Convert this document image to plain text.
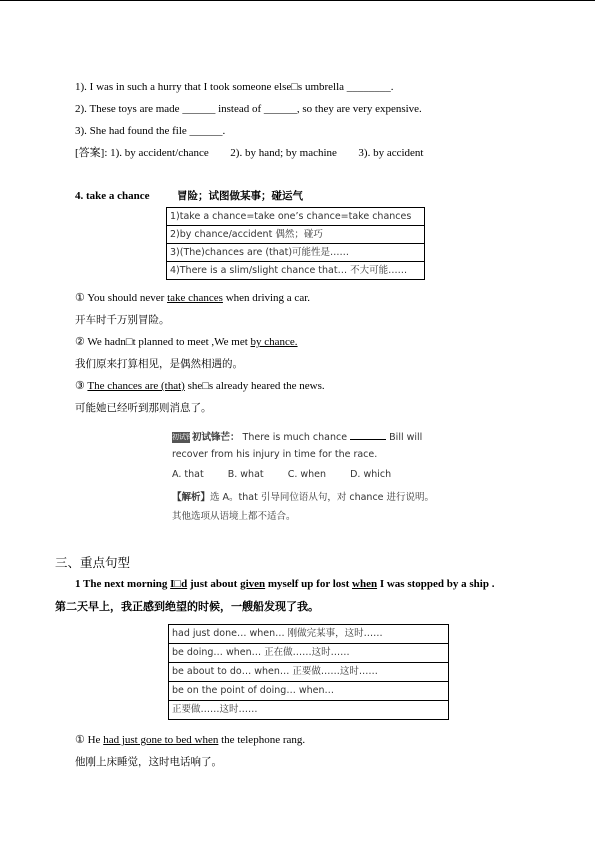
1). I was in such a hurry that I took someone else□s umbrella ________.
2). These toys are made ______ instead of ______, so they are very expensive.
3). She had found the file ______.
[答案]: 1). by accident/chance 2). by hand; by machine 3). by accident
4. take a chance	冒险；试图做某事；碰运气
1)take a chance=take one’s chance=take chances
2)by chance/accident 偶然；碰巧
3)(The)chances are (that)可能性是……
4)There is a slim/slight chance that… 不大可能……
① You should never take chances when driving a car.
开车时千万别冒险。
② We hadn□t planned to meet ,We met by chance.
我们原来打算相见，是偶然相遇的。
③ The chances are (that) she□s already heared the news.
可能她已经听到那则消息了。
初试锋芒初试锋芒： There is much chance	Bill will
recover from his injury in time for the race.
A. that	B. what	C. when	D. which
【解析】选 A。that 引导同位语从句，对 chance 进行说明。
其他选项从语境上都不适合。
三、重点句型
1 The next morning I□d just about given myself up for lost when I was stopped by a ship .
第二天早上，我正感到绝望的时候，一艘船发现了我。
had just done… when… 刚做完某事，这时……
be doing… when… 正在做……这时……
be about to do… when… 正要做……这时……
be on the point of doing… when…
正要做……这时……
① He had just gone to bed when the telephone rang.
他刚上床睡觉，这时电话响了。
